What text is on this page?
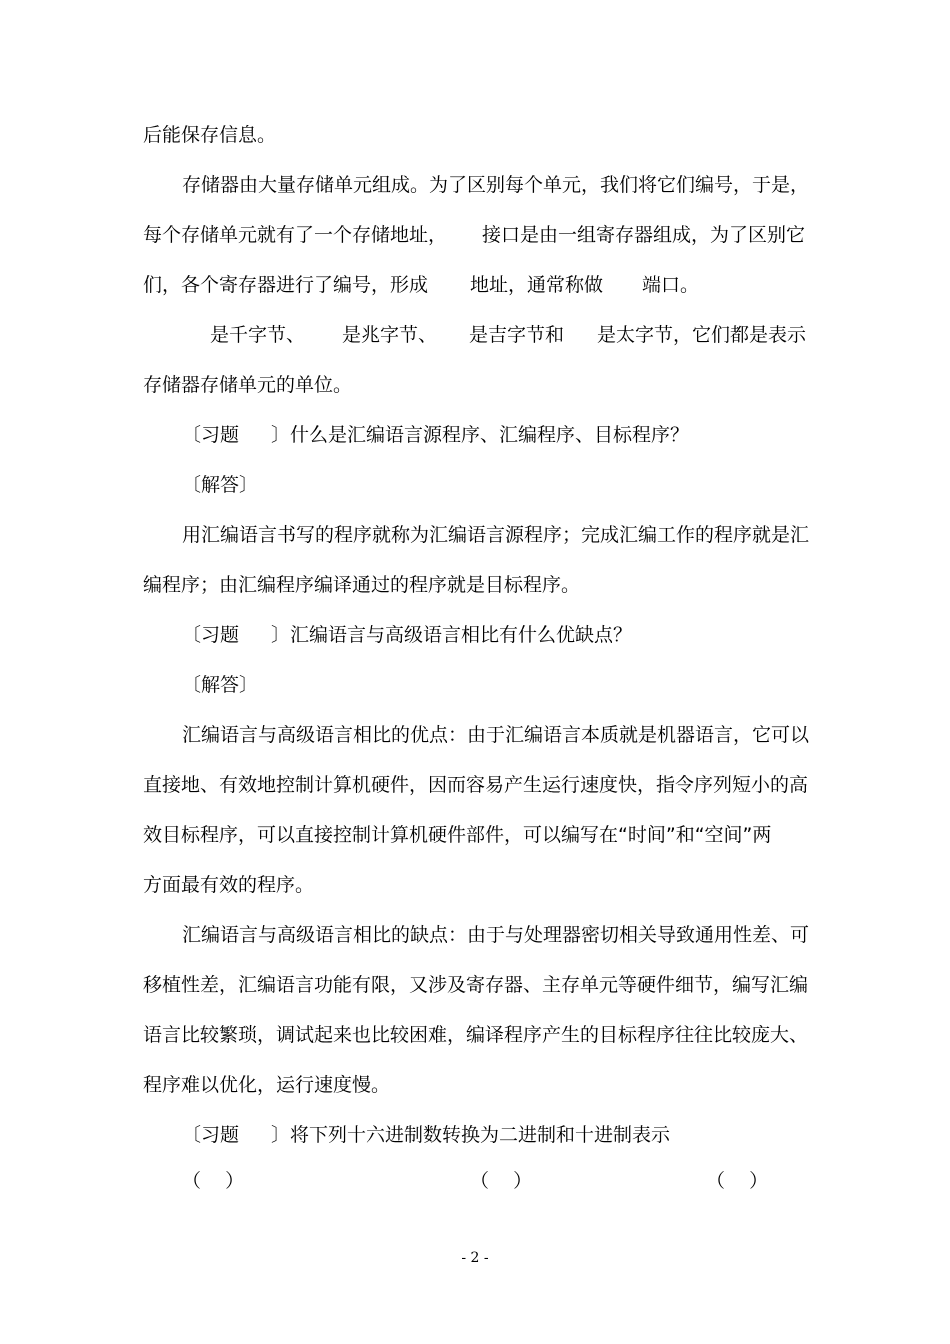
后能保存信息。

存储器由大量存储单元组成。为了区别每个单元，我们将它们编号，于是，

每个存储单元就有了一个存储地址，

接口是由一组寄存器组成，为了区别它

们，各个寄存器进行了编号，形成

地址，通常称做

端口。

是千字节、

是兆字节、

是吉字节和

是太字节，它们都是表示

存储器存储单元的单位。

〔习题

〕什么是汇编语言源程序、汇编程序、目标程序？

〔解答〕

用汇编语言书写的程序就称为汇编语言源程序；完成汇编工作的程序就是汇

编程序；由汇编程序编译通过的程序就是目标程序。

〔习题

〕汇编语言与高级语言相比有什么优缺点？

〔解答〕

汇编语言与高级语言相比的优点：由于汇编语言本质就是机器语言，它可以

直接地、有效地控制计算机硬件，因而容易产生运行速度快，指令序列短小的高

效目标程序，可以直接控制计算机硬件部件，可以编写在“时间”和“空间”两

方面最有效的程序。

汇编语言与高级语言相比的缺点：由于与处理器密切相关导致通用性差、可

移植性差，汇编语言功能有限，又涉及寄存器、主存单元等硬件细节，编写汇编

语言比较繁琐，调试起来也比较困难，编译程序产生的目标程序往往比较庞大、

程序难以优化，运行速度慢。

〔习题

〕将下列十六进制数转换为二进制和十进制表示

（    ）

	（    ）

	（    ）

- 2 -
